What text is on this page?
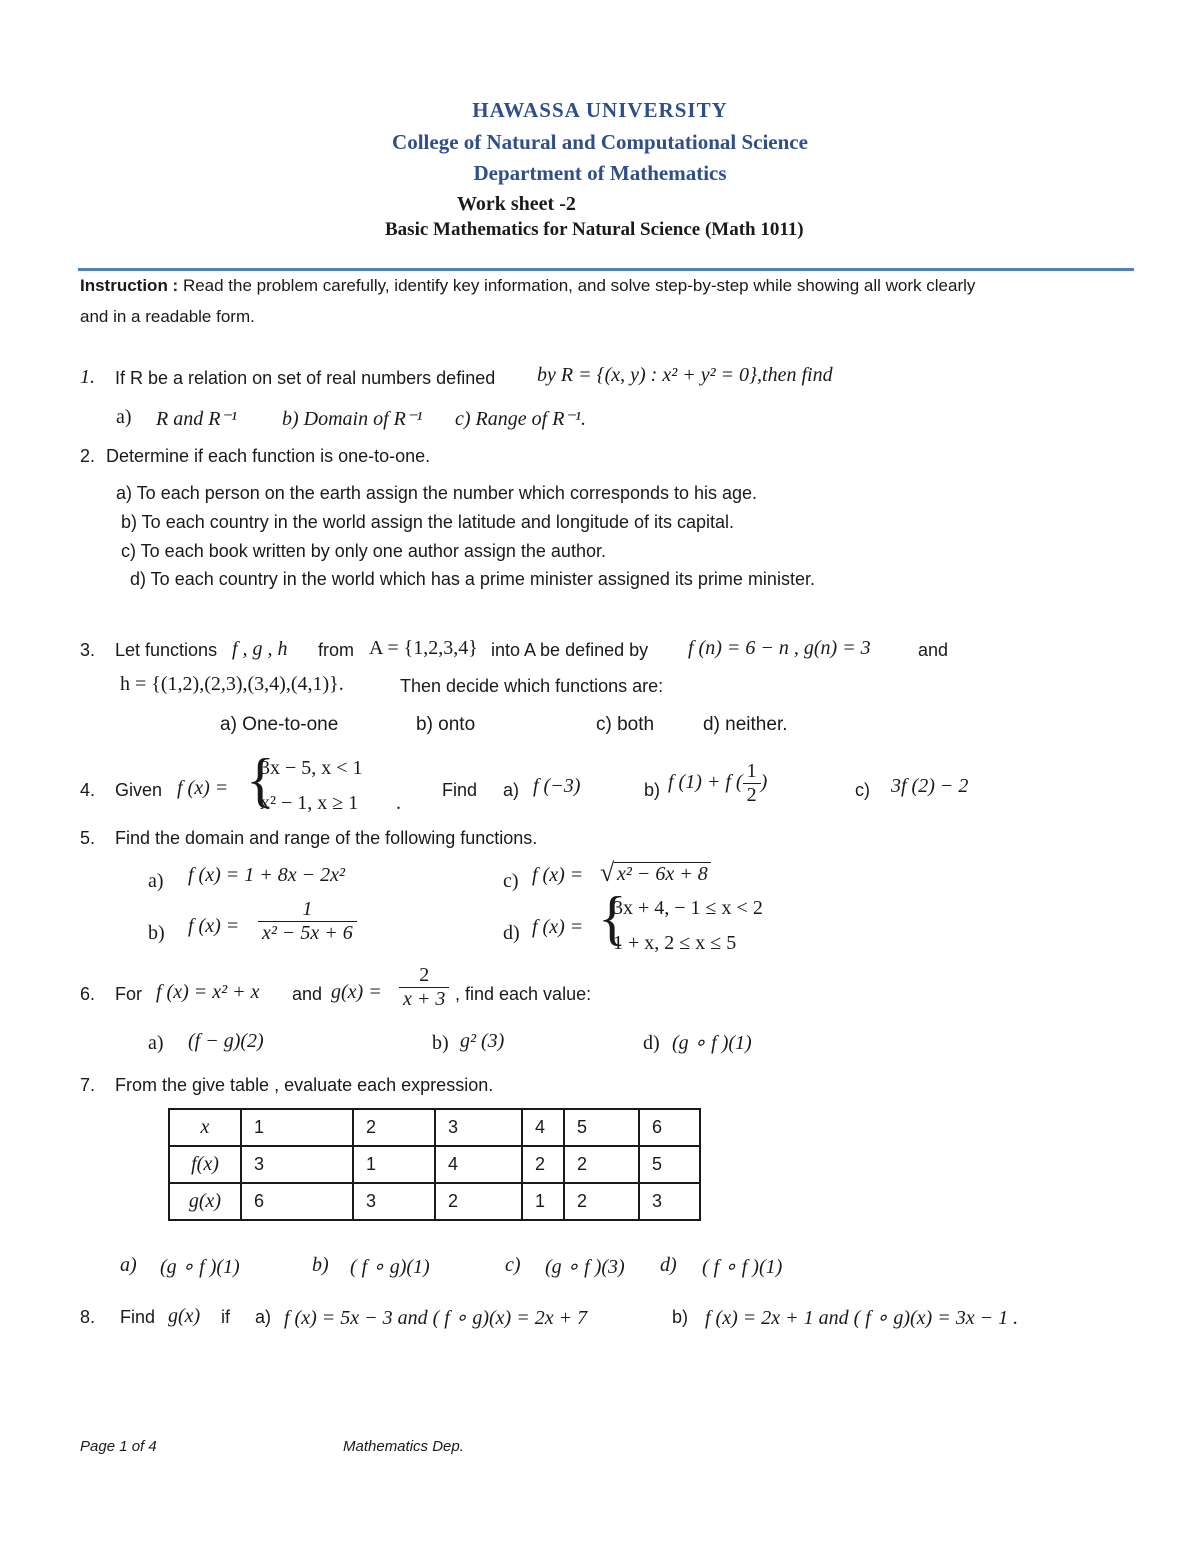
HAWASSA UNIVERSITY
College of Natural and Computational Science
Department of Mathematics
Work sheet -2
Basic Mathematics for Natural Science (Math 1011)
Instruction : Read the problem carefully, identify key information, and solve step-by-step while showing all work clearly
and in a readable form.
1. If R be a relation on set of real numbers defined by R = {(x, y) : x² + y² = 0},then find
a) R and R⁻¹ b) Domain of R⁻¹ c) Range of R⁻¹.
2. Determine if each function is one-to-one.
a) To each person on the earth assign the number which corresponds to his age.
b) To each country in the world assign the latitude and longitude of its capital.
c) To each book written by only one author assign the author.
d) To each country in the world which has a prime minister assigned its prime minister.
3. Let functions f , g , h from A = {1,2,3,4} into A be defined by f (n) = 6 − n , g(n) = 3	and
h = {(1,2),(2,3),(3,4),(4,1)}.	Then decide which functions are:
a) One-to-one	b) onto	c) both	d) neither.
4. Given f (x) = {
3x − 5, x < 1
x² − 1, x ≥ 1 .
Find a) f (−3)	b) f (1) + f ( $\frac{1}{2}$ )	c) 3f (2) − 2
5. Find the domain and range of the following functions.
a) f (x) = 1 + 8x − 2x²	c) f (x) = √ x² − 6x + 8
b) f $(x) = \frac{1}{\text{x² − 5x + 6}}$	d) f (x) = {
3x + 4, − 1 ≤ x < 2
1 + x, 2 ≤ x ≤ 5
6. For f (x) = x² + x and $g(x) = \frac{2}{x + 3}$ , find each value:
a) (f − g)(2)	b) g² (3)	d) (g ∘ f )(1)
7. From the give table , evaluate each expression.
x	1	2	3	4	5	6
f(x)	3	1	4	2	2	5
g(x)	6	3	2	1	2	3
a) (g ∘ f )(1)	b) ( f ∘ g)(1)	c) (g ∘ f )(3) d) ( f ∘ f )(1)
8. Find g(x) if a) f (x) = 5x − 3 and ( f ∘ g)(x) = 2x + 7	b) f (x) = 2x + 1 and ( f ∘ g)(x) = 3x − 1 .
Page 1 of 4	Mathematics Dep.
